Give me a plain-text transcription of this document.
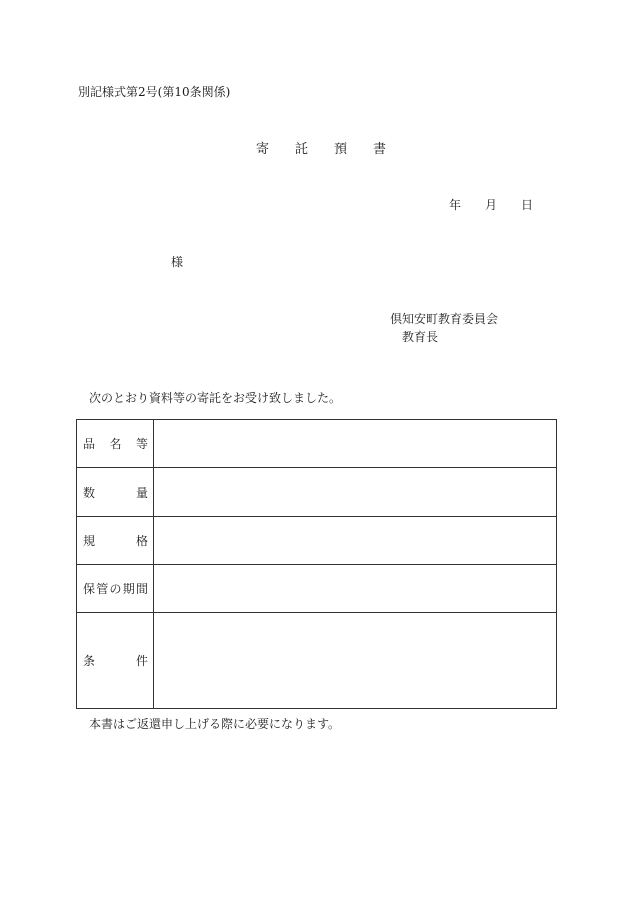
別記様式第2号(第10条関係)
寄 託 預 書
年 月 日
様
倶知安町教育委員会
教育長
次のとおり資料等の寄託をお受け致しました。
品 名 等	

数 量	

規 格	

保 管 の 期 間	

条 件	

本書はご返還申し上げる際に必要になります。
